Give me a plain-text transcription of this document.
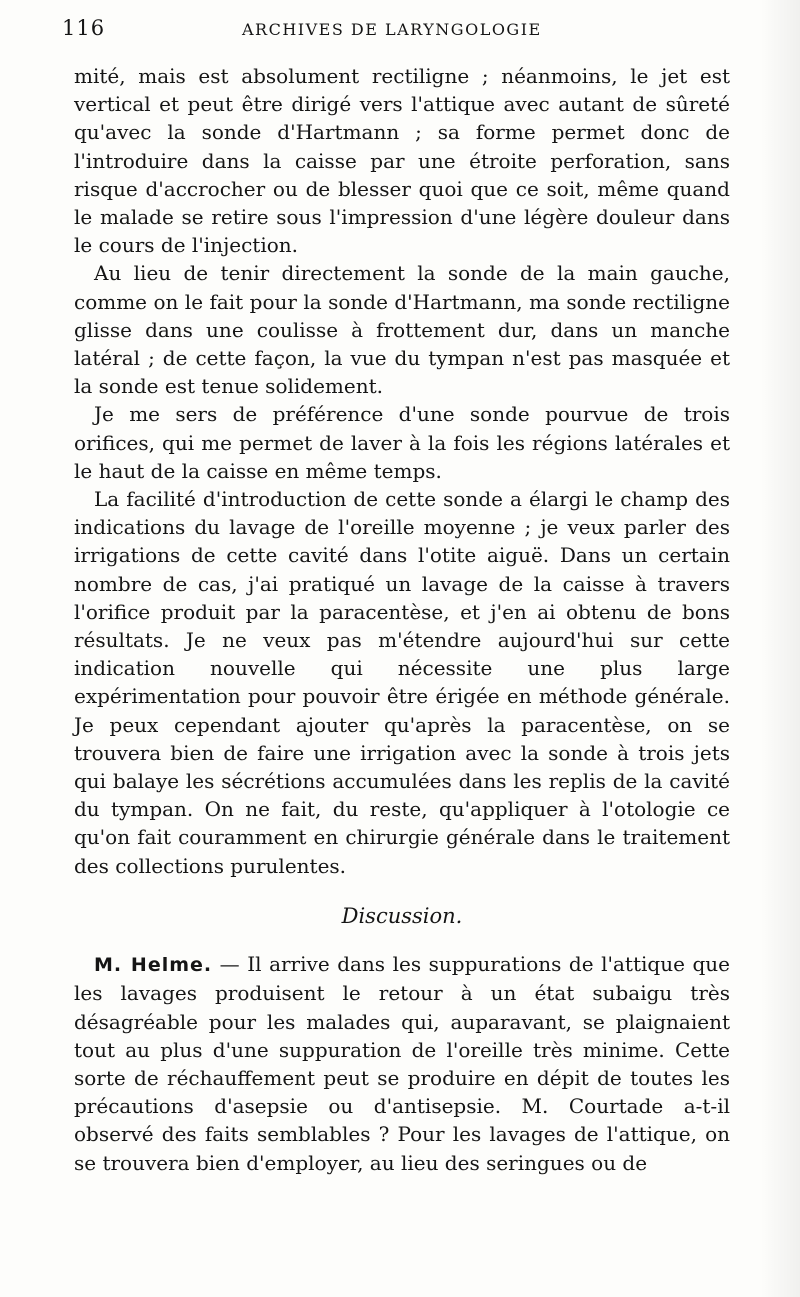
116	ARCHIVES DE LARYNGOLOGIE

mité, mais est absolument rectiligne ; néanmoins, le jet est vertical et peut être dirigé vers l'attique avec autant de sûreté qu'avec la sonde d'Hartmann ; sa forme permet donc de l'introduire dans la caisse par une étroite perforation, sans risque d'accrocher ou de blesser quoi que ce soit, même quand le malade se retire sous l'impression d'une légère douleur dans le cours de l'injection.

Au lieu de tenir directement la sonde de la main gauche, comme on le fait pour la sonde d'Hartmann, ma sonde rectiligne glisse dans une coulisse à frottement dur, dans un manche latéral ; de cette façon, la vue du tympan n'est pas masquée et la sonde est tenue solidement.

Je me sers de préférence d'une sonde pourvue de trois orifices, qui me permet de laver à la fois les régions latérales et le haut de la caisse en même temps.

La facilité d'introduction de cette sonde a élargi le champ des indications du lavage de l'oreille moyenne ; je veux parler des irrigations de cette cavité dans l'otite aiguë. Dans un certain nombre de cas, j'ai pratiqué un lavage de la caisse à travers l'orifice produit par la paracentèse, et j'en ai obtenu de bons résultats. Je ne veux pas m'étendre aujourd'hui sur cette indication nouvelle qui nécessite une plus large expérimentation pour pouvoir être érigée en méthode générale. Je peux cependant ajouter qu'après la paracentèse, on se trouvera bien de faire une irrigation avec la sonde à trois jets qui balaye les sécrétions accumulées dans les replis de la cavité du tympan. On ne fait, du reste, qu'appliquer à l'otologie ce qu'on fait couramment en chirurgie générale dans le traitement des collections purulentes.

Discussion.

M. Helme. — Il arrive dans les suppurations de l'attique que les lavages produisent le retour à un état subaigu très désagréable pour les malades qui, auparavant, se plaignaient tout au plus d'une suppuration de l'oreille très minime. Cette sorte de réchauffement peut se produire en dépit de toutes les précautions d'asepsie ou d'antisepsie. M. Courtade a-t-il observé des faits semblables ? Pour les lavages de l'attique, on se trouvera bien d'employer, au lieu des seringues ou de
